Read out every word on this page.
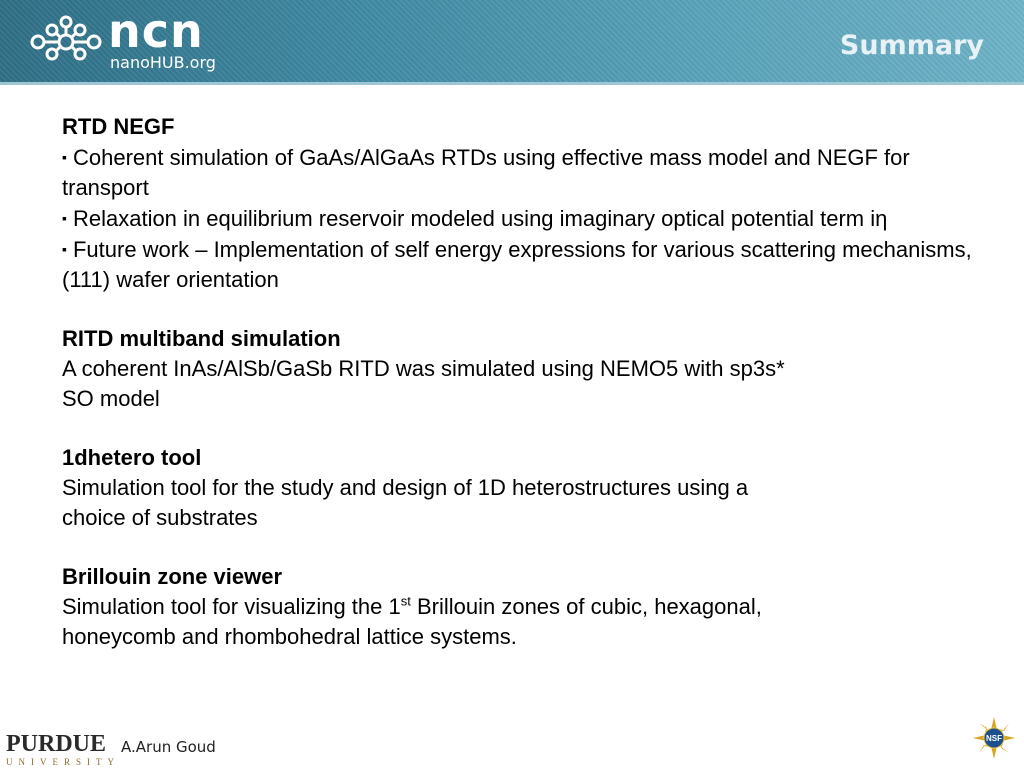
ncn
nanoHUB.org
Summary
RTD NEGF
▪ Coherent simulation of GaAs/AlGaAs RTDs using effective mass model and NEGF for transport
▪ Relaxation in equilibrium reservoir modeled using imaginary optical potential term iη
▪ Future work – Implementation of self energy expressions for various scattering mechanisms, (111) wafer orientation
RITD multiband simulation
A coherent InAs/AlSb/GaSb RITD was simulated using NEMO5 with sp3s*
SO model
1dhetero tool
Simulation tool for the study and design of 1D heterostructures using a
choice of substrates
Brillouin zone viewer
Simulation tool for visualizing the 1st Brillouin zones of cubic, hexagonal,
honeycomb and rhombohedral lattice systems.
PURDUE
UNIVERSITY
A.Arun Goud	NSF
